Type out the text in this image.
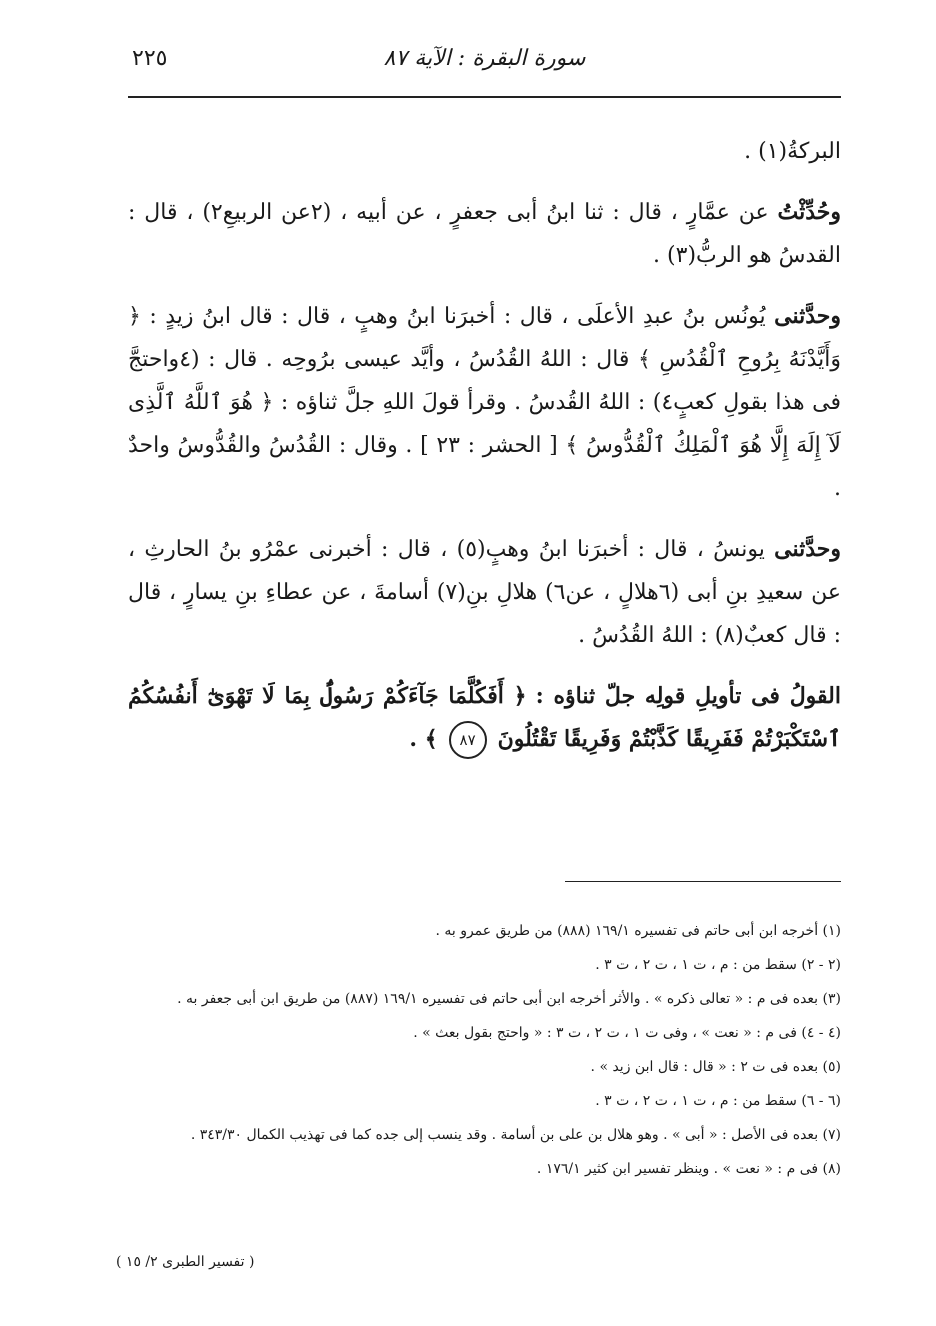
سورة البقرة : الآية ٨٧
٢٢٥

البركةُ(١) .

وحُدِّثْتُ عن عمَّارٍ ، قال : ثنا ابنُ أبى جعفرٍ ، عن أبيه ، (٢عن الربيعِ٢) ، قال : القدسُ هو الربُّ(٣) .

وحدَّثنى يُونُس بنُ عبدِ الأعلَى ، قال : أخبرَنا ابنُ وهبٍ ، قال : قال ابنُ زيدٍ : ﴿ وَأَيَّدْنَهُ بِرُوحِ ٱلْقُدُسِ ﴾ قال : اللهُ القُدُسُ ، وأيَّد عيسى برُوحِه . قال : (٤واحتجَّ فى هذا بقولِ كعبٍ٤) : اللهُ القُدسُ . وقرأ قولَ اللهِ جلَّ ثناؤه : ﴿ هُوَ ٱللَّهُ ٱلَّذِى لَآ إِلَهَ إِلَّا هُوَ ٱلْمَلِكُ ٱلْقُدُّوسُ ﴾ [ الحشر : ٢٣ ] . وقال : القُدُسُ والقُدُّوسُ واحدٌ .

وحدَّثنى يونسُ ، قال : أخبرَنا ابنُ وهبٍ(٥) ، قال : أخبرنى عمْرُو بنُ الحارثِ ، عن سعيدِ بنِ أبى (٦هلالٍ ، عن٦) هلالِ بنِ(٧) أسامةَ ، عن عطاءِ بنِ يسارٍ ، قال : قال كعبٌ(٨) : اللهُ القُدُسُ .

القولُ فى تأويلِ قولِه جلّ ثناؤه : ﴿ أَفَكُلَّمَا جَآءَكُمْ رَسُولٌۢ بِمَا لَا تَهْوَىٰٓ أَنفُسُكُمُ ٱسْتَكْبَرْتُمْ فَفَرِيقًا كَذَّبْتُمْ وَفَرِيقًا تَقْتُلُونَ ٨٧ ﴾ .

(١) أخرجه ابن أبى حاتم فى تفسيره ١٦٩/١ (٨٨٨) من طريق عمرو به .

(٢ - ٢) سقط من : م ، ت ١ ، ت ٢ ، ت ٣ .

(٣) بعده فى م : « تعالى ذكره » . والأثر أخرجه ابن أبى حاتم فى تفسيره ١٦٩/١ (٨٨٧) من طريق ابن أبى جعفر به .

(٤ - ٤) فى م : « نعت » ، وفى ت ١ ، ت ٢ ، ت ٣ : « واحتج بقول بعث » .

(٥) بعده فى ت ٢ : « قال : قال ابن زيد » .

(٦ - ٦) سقط من : م ، ت ١ ، ت ٢ ، ت ٣ .

(٧) بعده فى الأصل : « أبى » . وهو هلال بن على بن أسامة . وقد ينسب إلى جده كما فى تهذيب الكمال ٣٤٣/٣٠ .

(٨) فى م : « نعت » . وينظر تفسير ابن كثير ١٧٦/١ .

( تفسير الطبرى ٢/ ١٥ )
